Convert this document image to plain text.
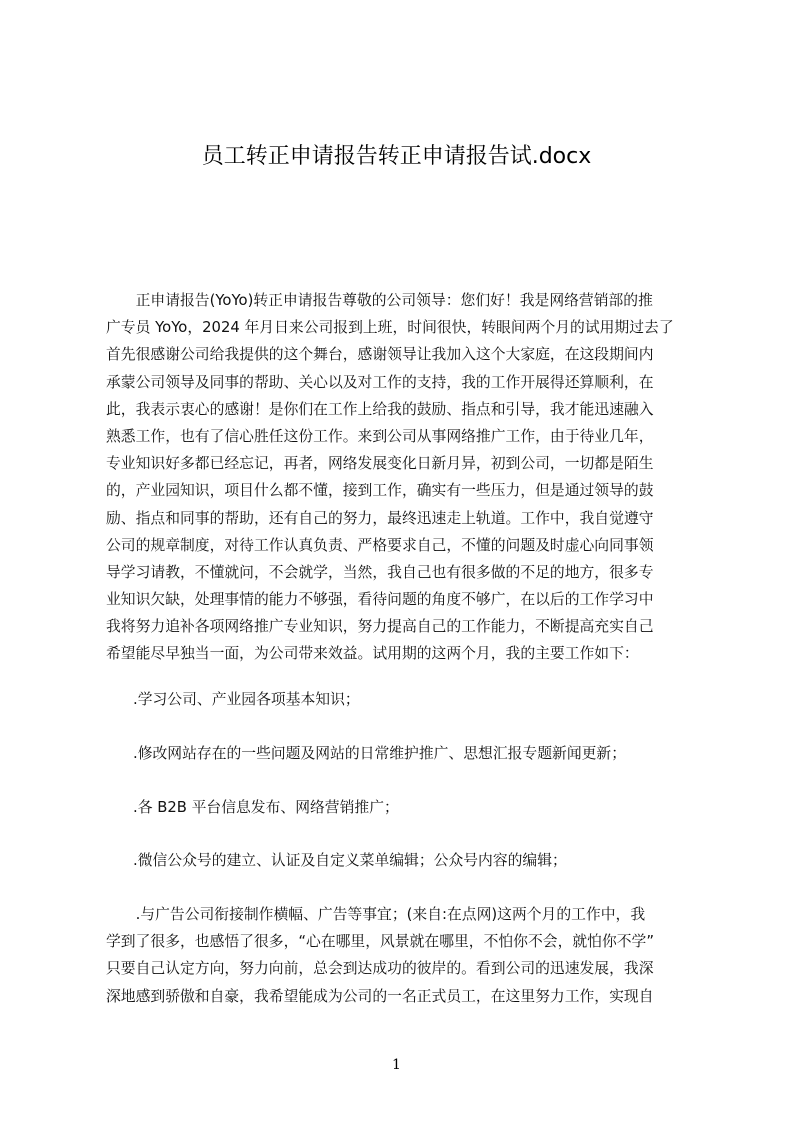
员工转正申请报告转正申请报告试.docx
　　正申请报告(YoYo)转正申请报告尊敬的公司领导：您们好！我是网络营销部的推
广专员 YoYo，2024 年月日来公司报到上班，时间很快，转眼间两个月的试用期过去了
首先很感谢公司给我提供的这个舞台，感谢领导让我加入这个大家庭，在这段期间内
承蒙公司领导及同事的帮助、关心以及对工作的支持，我的工作开展得还算顺利，在
此，我表示衷心的感谢！是你们在工作上给我的鼓励、指点和引导，我才能迅速融入
熟悉工作，也有了信心胜任这份工作。来到公司从事网络推广工作，由于待业几年，
专业知识好多都已经忘记，再者，网络发展变化日新月异，初到公司，一切都是陌生
的，产业园知识，项目什么都不懂，接到工作，确实有一些压力，但是通过领导的鼓
励、指点和同事的帮助，还有自己的努力，最终迅速走上轨道。工作中，我自觉遵守
公司的规章制度，对待工作认真负责、严格要求自己，不懂的问题及时虚心向同事领
导学习请教，不懂就问，不会就学，当然，我自己也有很多做的不足的地方，很多专
业知识欠缺，处理事情的能力不够强，看待问题的角度不够广，在以后的工作学习中
我将努力追补各项网络推广专业知识，努力提高自己的工作能力，不断提高充实自己
希望能尽早独当一面，为公司带来效益。试用期的这两个月，我的主要工作如下：
.学习公司、产业园各项基本知识；
.修改网站存在的一些问题及网站的日常维护推广、思想汇报专题新闻更新；
.各 B2B 平台信息发布、网络营销推广；
.微信公众号的建立、认证及自定义菜单编辑；公众号内容的编辑；
　　.与广告公司衔接制作横幅、广告等事宜；(来自:在点网)这两个月的工作中，我
学到了很多，也感悟了很多，“心在哪里，风景就在哪里，不怕你不会，就怕你不学”
只要自己认定方向，努力向前，总会到达成功的彼岸的。看到公司的迅速发展，我深
深地感到骄傲和自豪，我希望能成为公司的一名正式员工，在这里努力工作，实现自
1
